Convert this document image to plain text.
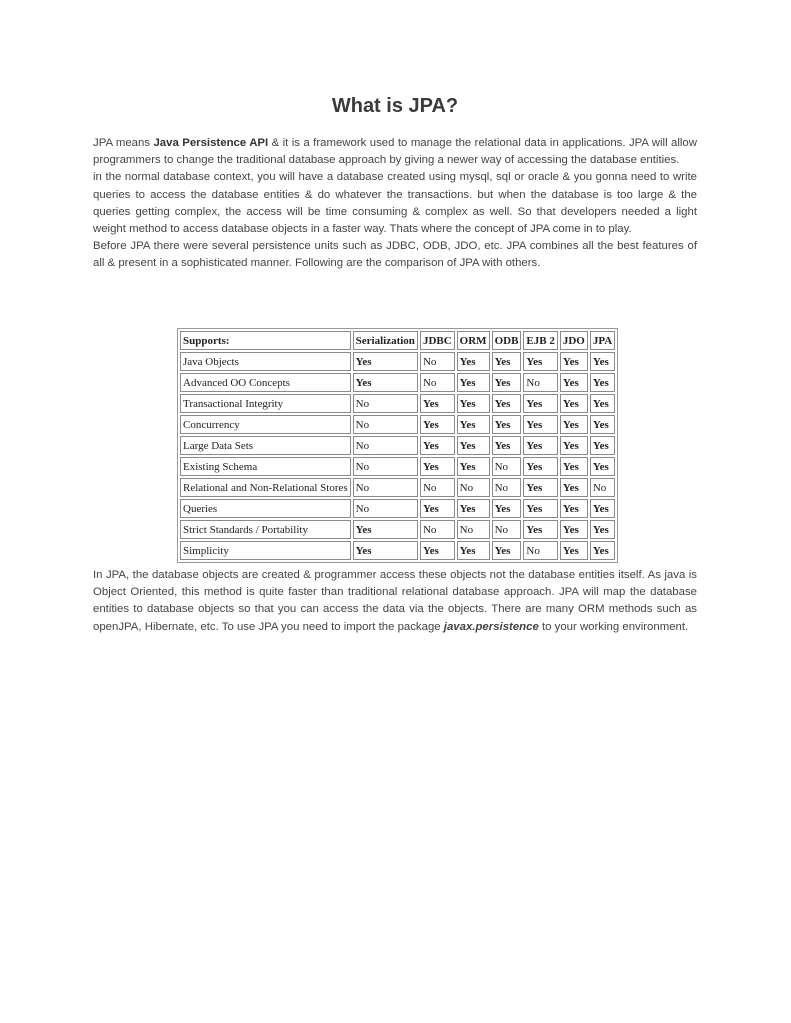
What is JPA?

JPA means Java Persistence API & it is a framework used to manage the relational data in applications. JPA will allow programmers to change the traditional database approach by giving a newer way of accessing the database entities.

in the normal database context, you will have a database created using mysql, sql or oracle & you gonna need to write queries to access the database entities & do whatever the transactions. but when the database is too large & the queries getting complex, the access will be time consuming & complex as well. So that developers needed a light weight method to access database objects in a faster way. Thats where the concept of JPA come in to play.

Before JPA there were several persistence units such as JDBC, ODB, JDO, etc. JPA combines all the best features of all & present in a sophisticated manner. Following are the comparison of JPA with others.

Supports:	Serialization	JDBC	ORM	ODB	EJB 2	JDO	JPA
Java Objects	Yes	No	Yes	Yes	Yes	Yes	Yes
Advanced OO Concepts	Yes	No	Yes	Yes	No	Yes	Yes
Transactional Integrity	No	Yes	Yes	Yes	Yes	Yes	Yes
Concurrency	No	Yes	Yes	Yes	Yes	Yes	Yes
Large Data Sets	No	Yes	Yes	Yes	Yes	Yes	Yes
Existing Schema	No	Yes	Yes	No	Yes	Yes	Yes
Relational and Non-Relational Stores	No	No	No	No	Yes	Yes	No
Queries	No	Yes	Yes	Yes	Yes	Yes	Yes
Strict Standards / Portability	Yes	No	No	No	Yes	Yes	Yes
Simplicity	Yes	Yes	Yes	Yes	No	Yes	Yes

In JPA, the database objects are created & programmer access these objects not the database entities itself. As java is Object Oriented, this method is quite faster than traditional relational database approach. JPA will map the database entities to database objects so that you can access the data via the objects. There are many ORM methods such as openJPA, Hibernate, etc. To use JPA you need to import the package javax.persistence to your working environment.
